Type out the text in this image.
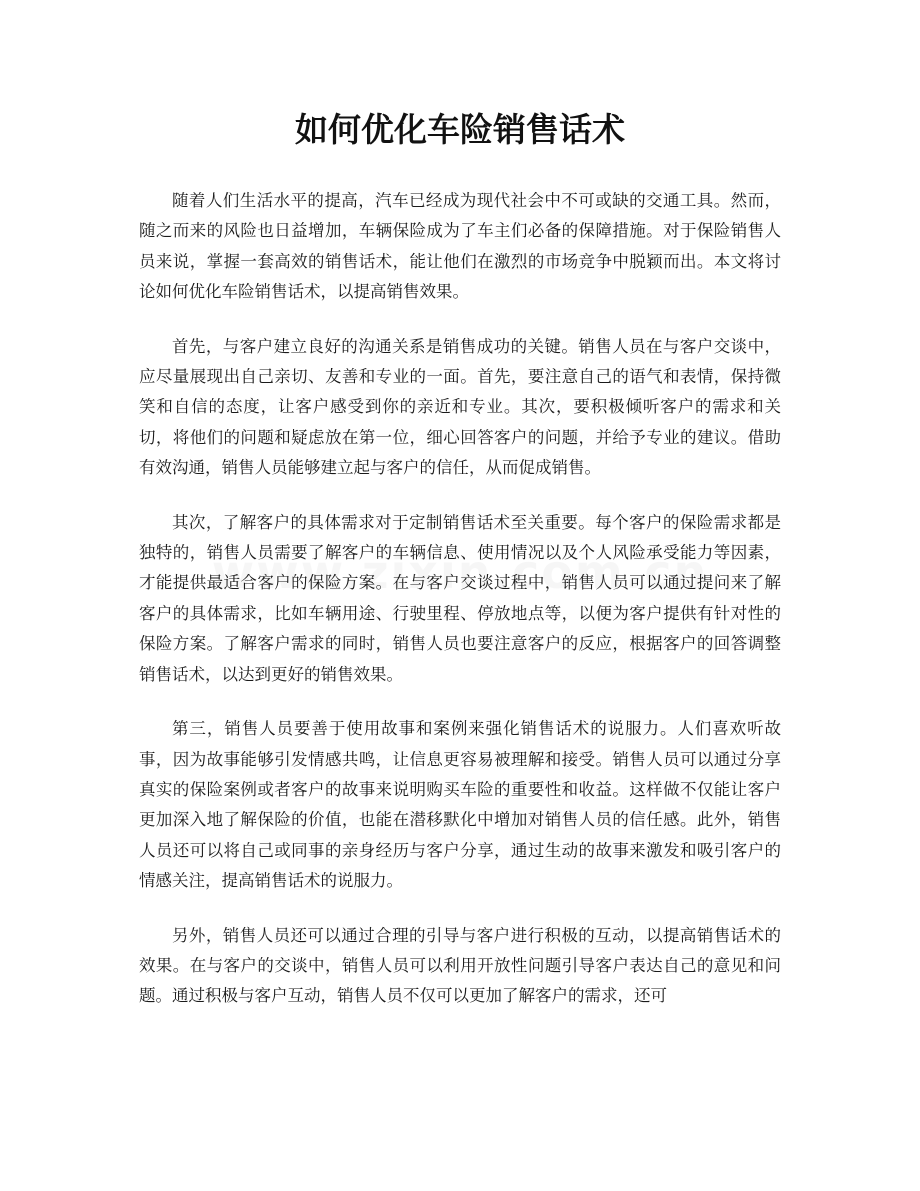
如何优化车险销售话术

随着人们生活水平的提高，汽车已经成为现代社会中不可或缺的交通工具。然而，随之而来的风险也日益增加，车辆保险成为了车主们必备的保障措施。对于保险销售人员来说，掌握一套高效的销售话术，能让他们在激烈的市场竞争中脱颖而出。本文将讨论如何优化车险销售话术，以提高销售效果。

首先，与客户建立良好的沟通关系是销售成功的关键。销售人员在与客户交谈中，应尽量展现出自己亲切、友善和专业的一面。首先，要注意自己的语气和表情，保持微笑和自信的态度，让客户感受到你的亲近和专业。其次，要积极倾听客户的需求和关切，将他们的问题和疑虑放在第一位，细心回答客户的问题，并给予专业的建议。借助有效沟通，销售人员能够建立起与客户的信任，从而促成销售。

其次，了解客户的具体需求对于定制销售话术至关重要。每个客户的保险需求都是独特的，销售人员需要了解客户的车辆信息、使用情况以及个人风险承受能力等因素，才能提供最适合客户的保险方案。在与客户交谈过程中，销售人员可以通过提问来了解客户的具体需求，比如车辆用途、行驶里程、停放地点等，以便为客户提供有针对性的保险方案。了解客户需求的同时，销售人员也要注意客户的反应，根据客户的回答调整销售话术，以达到更好的销售效果。

第三，销售人员要善于使用故事和案例来强化销售话术的说服力。人们喜欢听故事，因为故事能够引发情感共鸣，让信息更容易被理解和接受。销售人员可以通过分享真实的保险案例或者客户的故事来说明购买车险的重要性和收益。这样做不仅能让客户更加深入地了解保险的价值，也能在潜移默化中增加对销售人员的信任感。此外，销售人员还可以将自己或同事的亲身经历与客户分享，通过生动的故事来激发和吸引客户的情感关注，提高销售话术的说服力。

另外，销售人员还可以通过合理的引导与客户进行积极的互动，以提高销售话术的效果。在与客户的交谈中，销售人员可以利用开放性问题引导客户表达自己的意见和问题。通过积极与客户互动，销售人员不仅可以更加了解客户的需求，还可
